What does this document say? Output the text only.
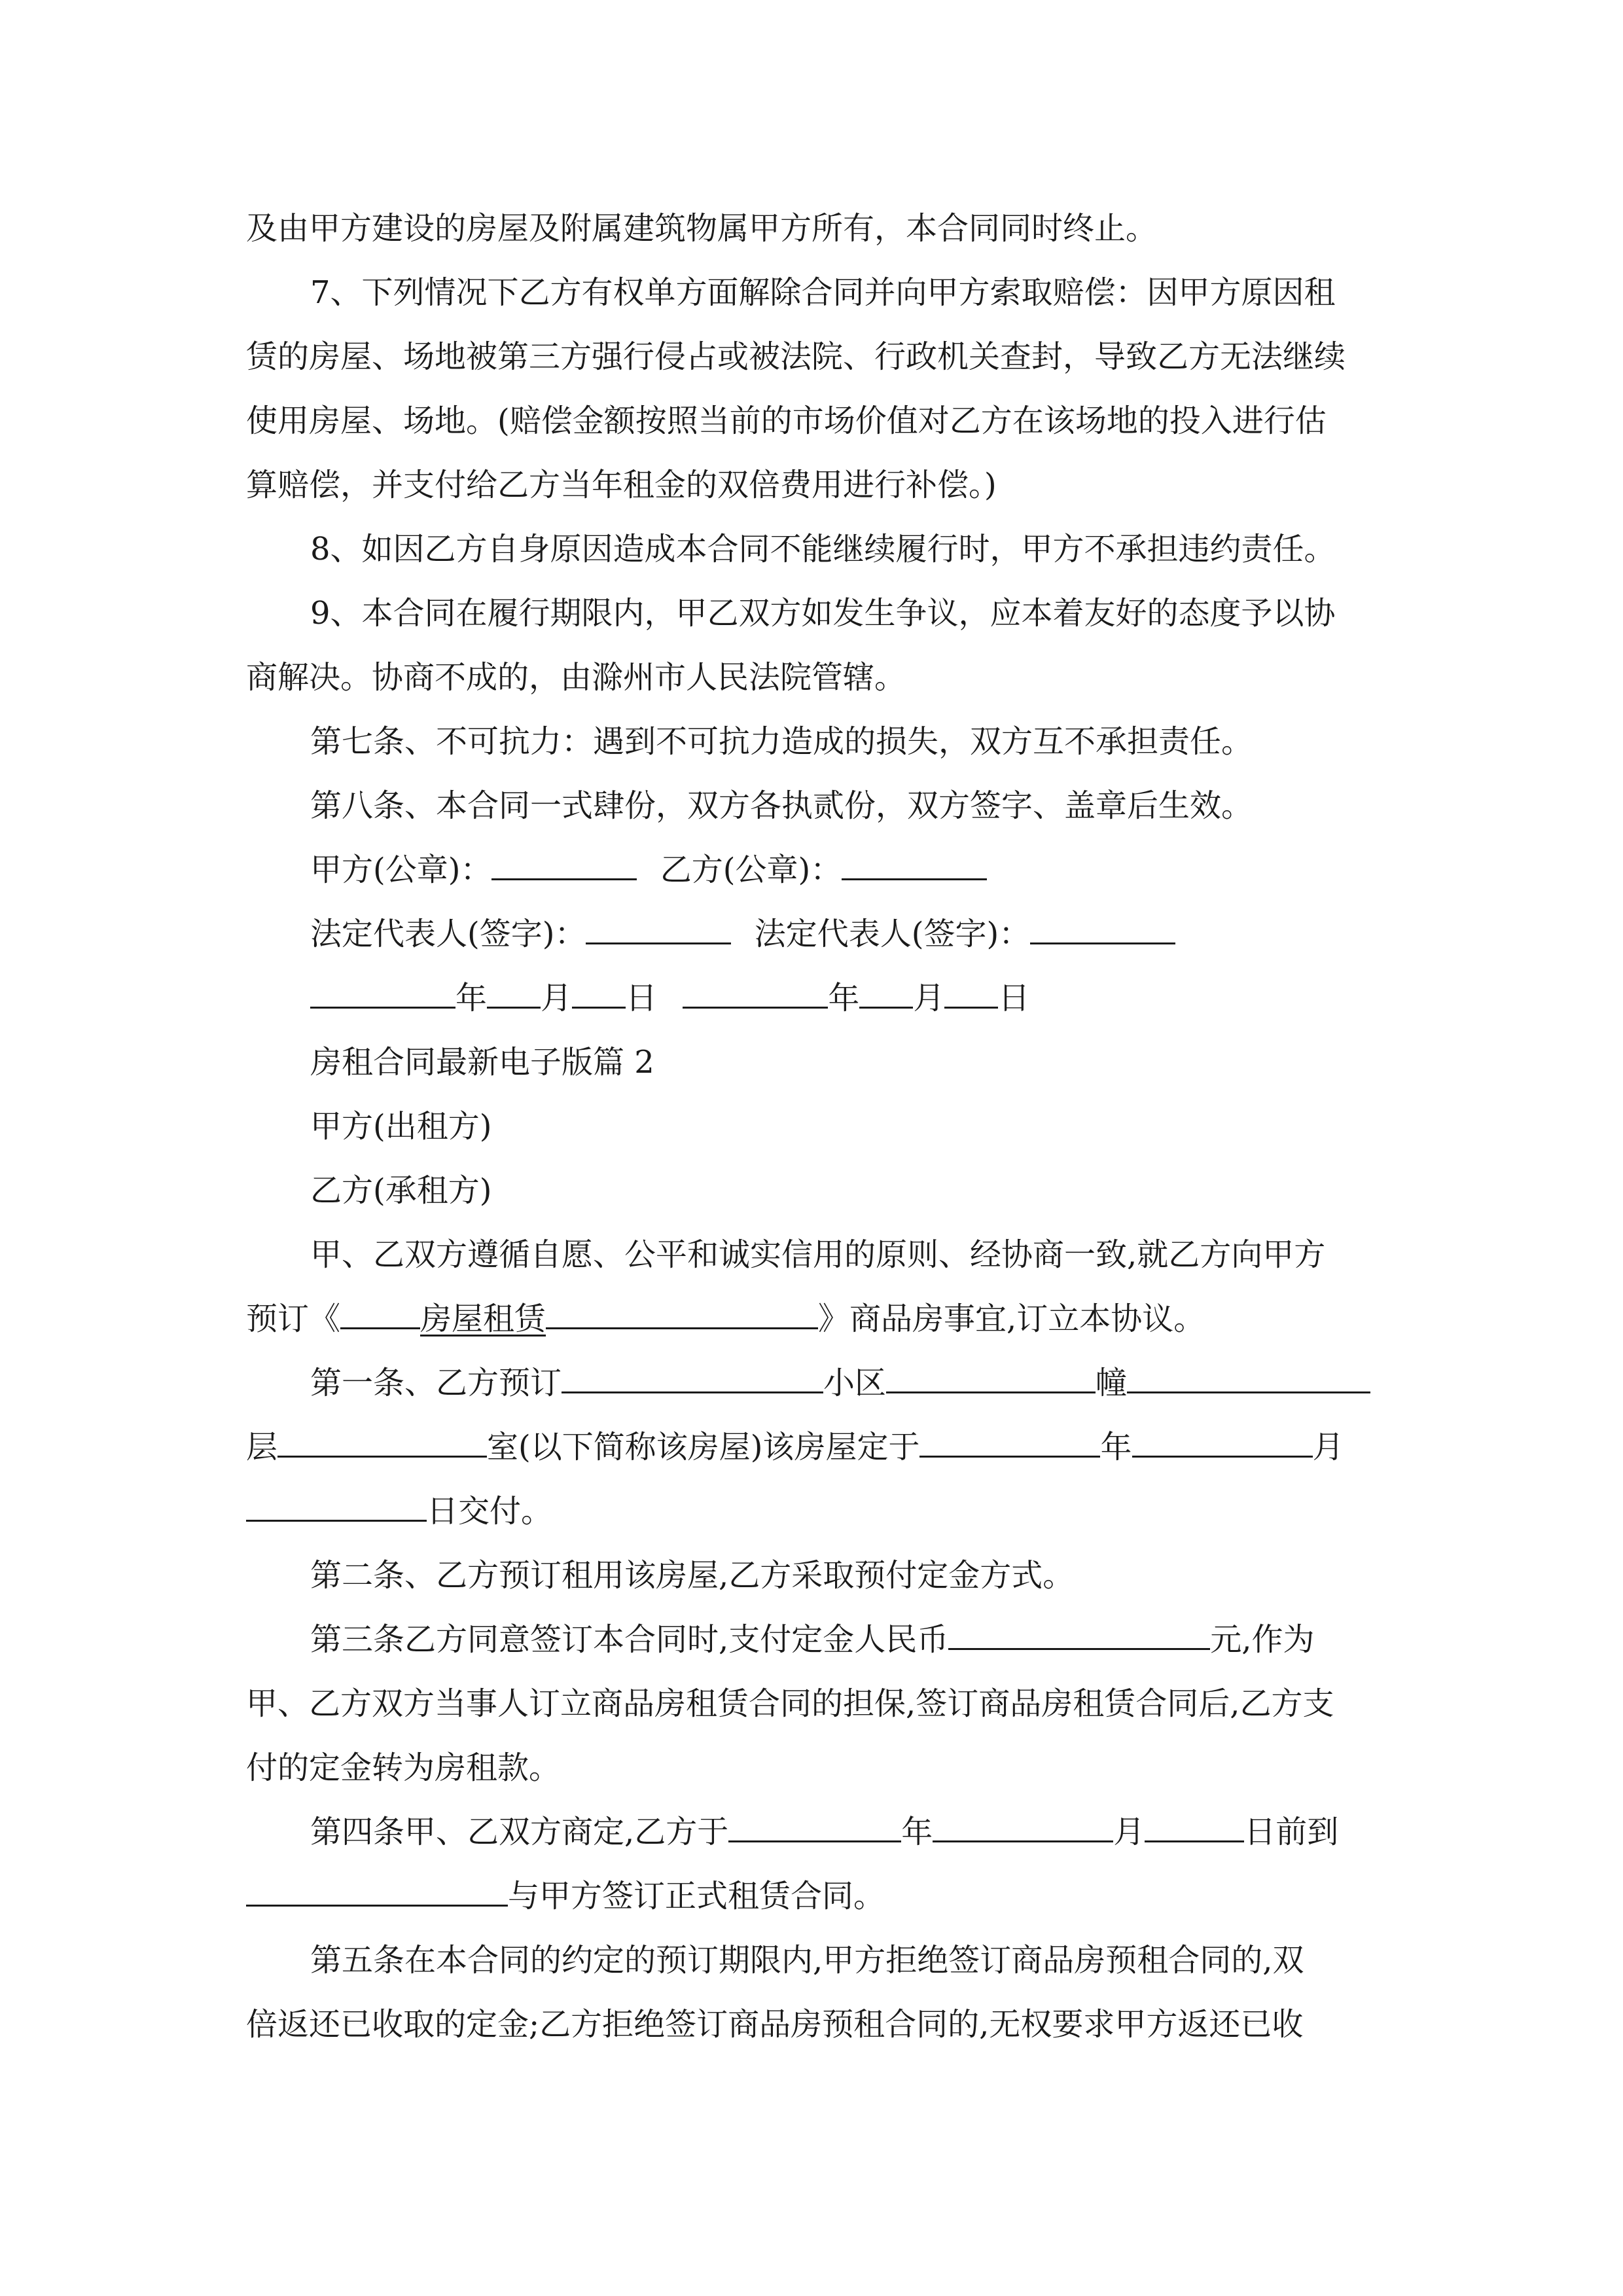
及由甲方建设的房屋及附属建筑物属甲方所有，本合同同时终止。
7、下列情况下乙方有权单方面解除合同并向甲方索取赔偿：因甲方原因租
赁的房屋、场地被第三方强行侵占或被法院、行政机关查封，导致乙方无法继续
使用房屋、场地。(赔偿金额按照当前的市场价值对乙方在该场地的投入进行估
算赔偿，并支付给乙方当年租金的双倍费用进行补偿。)
8、如因乙方自身原因造成本合同不能继续履行时，甲方不承担违约责任。
9、本合同在履行期限内，甲乙双方如发生争议，应本着友好的态度予以协
商解决。协商不成的，由滁州市人民法院管辖。
第七条、不可抗力：遇到不可抗力造成的损失，双方互不承担责任。
第八条、本合同一式肆份，双方各执贰份，双方签字、盖章后生效。
甲方(公章)：	乙方(公章)：
法定代表人(签字)：	法定代表人(签字)：
年 月 日	年 月 日
房租合同最新电子版篇 2
甲方(出租方)
乙方(承租方)
甲、乙双方遵循自愿、公平和诚实信用的原则、经协商一致,就乙方向甲方
预订《	房屋租赁	》商品房事宜,订立本协议。
第一条、乙方预订	小区	幢
层	室(以下简称该房屋)该房屋定于	年	月
日交付。
第二条、乙方预订租用该房屋,乙方采取预付定金方式。
第三条乙方同意签订本合同时,支付定金人民币	元,作为
甲、乙方双方当事人订立商品房租赁合同的担保,签订商品房租赁合同后,乙方支
付的定金转为房租款。
第四条甲、乙双方商定,乙方于	年	月	日前到
与甲方签订正式租赁合同。
第五条在本合同的约定的预订期限内,甲方拒绝签订商品房预租合同的,双
倍返还已收取的定金;乙方拒绝签订商品房预租合同的,无权要求甲方返还已收
